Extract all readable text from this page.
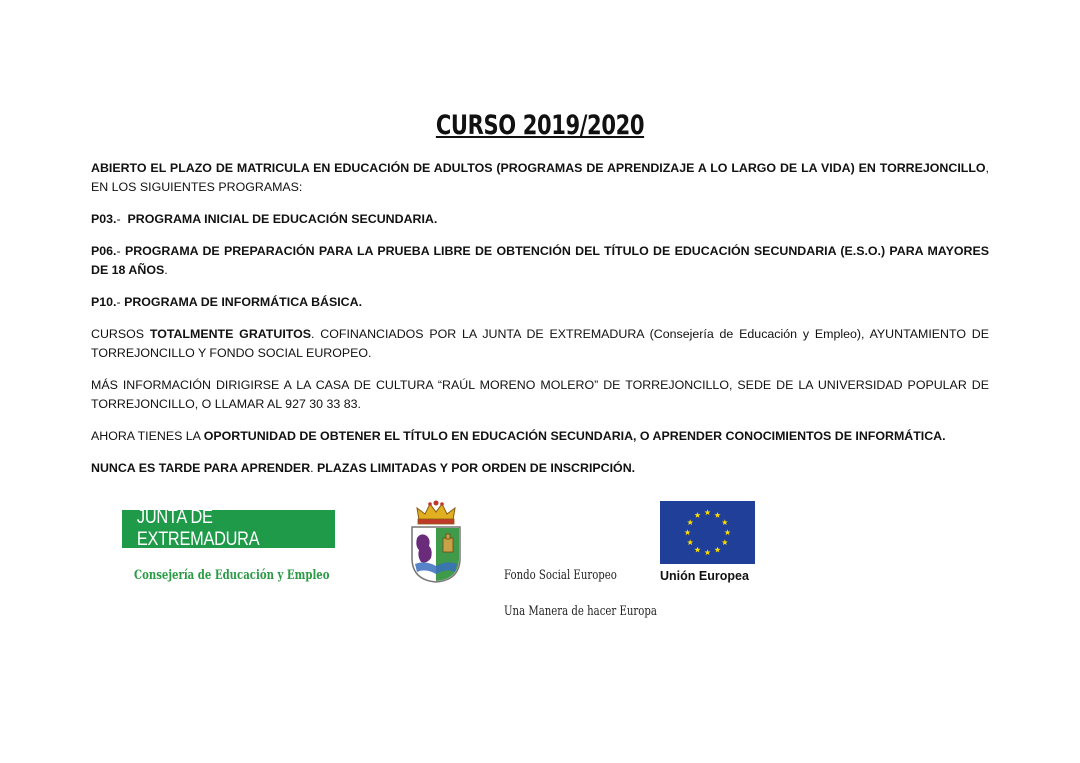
CURSO 2019/2020

ABIERTO EL PLAZO DE MATRICULA EN EDUCACIÓN DE ADULTOS (PROGRAMAS DE APRENDIZAJE A LO LARGO DE LA VIDA) EN TORREJONCILLO, EN LOS SIGUIENTES PROGRAMAS:

P03.-  PROGRAMA INICIAL DE EDUCACIÓN SECUNDARIA.

P06.- PROGRAMA DE PREPARACIÓN PARA LA PRUEBA LIBRE DE OBTENCIÓN DEL TÍTULO DE EDUCACIÓN SECUNDARIA (E.S.O.) PARA MAYORES DE 18 AÑOS.

P10.- PROGRAMA DE INFORMÁTICA BÁSICA.

CURSOS TOTALMENTE GRATUITOS. COFINANCIADOS POR LA JUNTA DE EXTREMADURA (Consejería de Educación y Empleo), AYUNTAMIENTO DE TORREJONCILLO Y FONDO SOCIAL EUROPEO.

MÁS INFORMACIÓN DIRIGIRSE A LA CASA DE CULTURA “RAÚL MORENO MOLERO” DE TORREJONCILLO, SEDE DE LA UNIVERSIDAD POPULAR DE TORREJONCILLO, O LLAMAR AL 927 30 33 83.

AHORA TIENES LA OPORTUNIDAD DE OBTENER EL TÍTULO EN EDUCACIÓN SECUNDARIA, O APRENDER CONOCIMIENTOS DE INFORMÁTICA.

NUNCA ES TARDE PARA APRENDER. PLAZAS LIMITADAS Y POR ORDEN DE INSCRIPCIÓN.

JUNTA DE EXTREMADURA
Consejería de Educación y Empleo	Fondo Social Europeo
Una Manera de hacer Europa
Unión Europea
